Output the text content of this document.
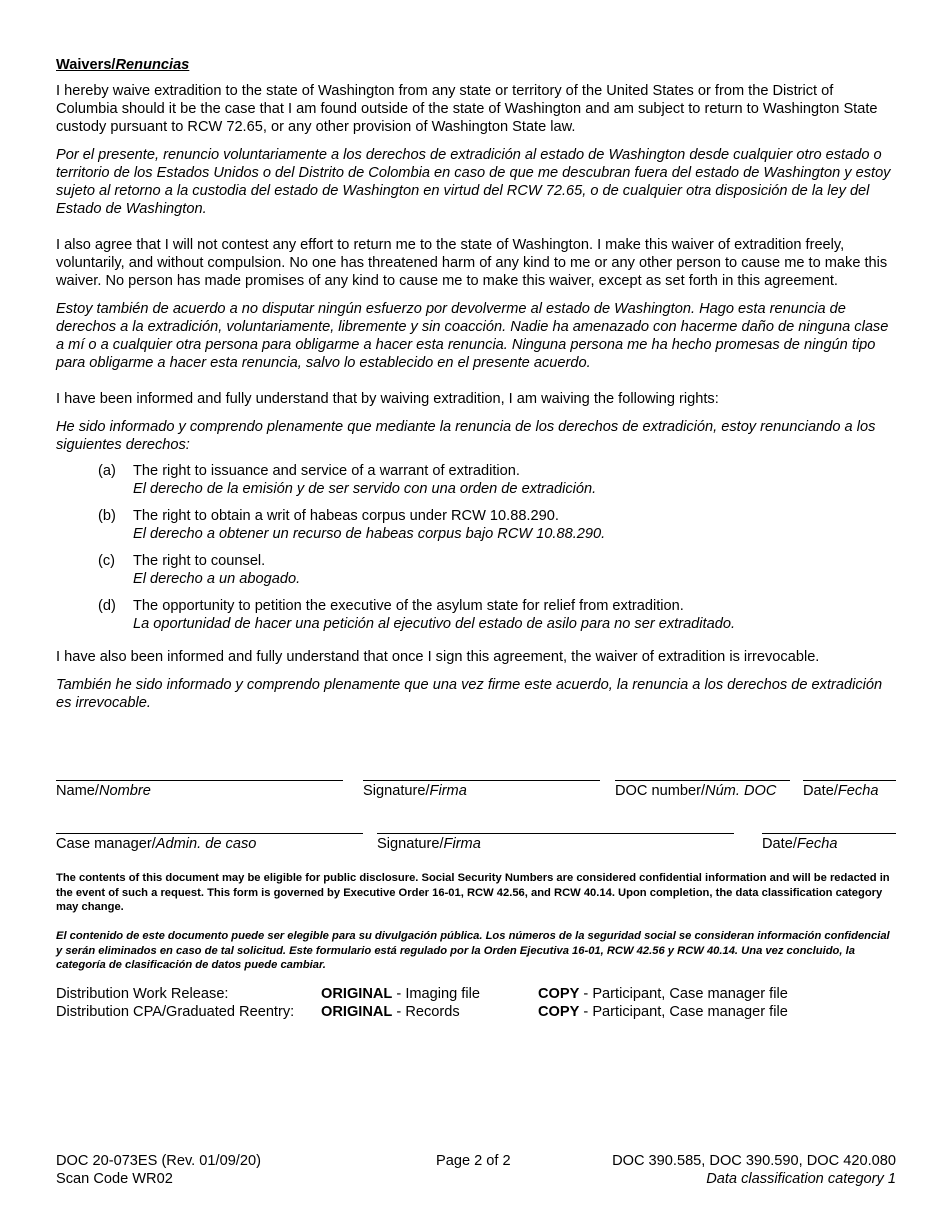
Waivers/Renuncias

I hereby waive extradition to the state of Washington from any state or territory of the United States or from the District of Columbia should it be the case that I am found outside of the state of Washington and am subject to return to Washington State custody pursuant to RCW 72.65, or any other provision of Washington State law.

Por el presente, renuncio voluntariamente a los derechos de extradición al estado de Washington desde cualquier otro estado o territorio de los Estados Unidos o del Distrito de Colombia en caso de que me descubran fuera del estado de Washington y estoy sujeto al retorno a la custodia del estado de Washington en virtud del RCW 72.65, o de cualquier otra disposición de la ley del Estado de Washington.

I also agree that I will not contest any effort to return me to the state of Washington. I make this waiver of extradition freely, voluntarily, and without compulsion. No one has threatened harm of any kind to me or any other person to cause me to make this waiver. No person has made promises of any kind to cause me to make this waiver, except as set forth in this agreement.

Estoy también de acuerdo a no disputar ningún esfuerzo por devolverme al estado de Washington. Hago esta renuncia de derechos a la extradición, voluntariamente, libremente y sin coacción. Nadie ha amenazado con hacerme daño de ninguna clase a mí o a cualquier otra persona para obligarme a hacer esta renuncia. Ninguna persona me ha hecho promesas de ningún tipo para obligarme a hacer esta renuncia, salvo lo establecido en el presente acuerdo.

I have been informed and fully understand that by waiving extradition, I am waiving the following rights:

He sido informado y comprendo plenamente que mediante la renuncia de los derechos de extradición, estoy renunciando a los siguientes derechos:

(a)	The right to issuance and service of a warrant of extradition.
El derecho de la emisión y de ser servido con una orden de extradición.
(b)	The right to obtain a writ of habeas corpus under RCW 10.88.290.
El derecho a obtener un recurso de habeas corpus bajo RCW 10.88.290.
(c)	The right to counsel.
El derecho a un abogado.
(d)	The opportunity to petition the executive of the asylum state for relief from extradition.
La oportunidad de hacer una petición al ejecutivo del estado de asilo para no ser extraditado.

I have also been informed and fully understand that once I sign this agreement, the waiver of extradition is irrevocable.

También he sido informado y comprendo plenamente que una vez firme este acuerdo, la renuncia a los derechos de extradición es irrevocable.

Name/Nombre	Signature/Firma	DOC number/Núm. DOC	Date/Fecha
Case manager/Admin. de caso	Signature/Firma	Date/Fecha
The contents of this document may be eligible for public disclosure. Social Security Numbers are considered confidential information and will be redacted in the event of such a request. This form is governed by Executive Order 16-01, RCW 42.56, and RCW 40.14. Upon completion, the data classification category may change.
El contenido de este documento puede ser elegible para su divulgación pública. Los números de la seguridad social se consideran información confidencial y serán eliminados en caso de tal solicitud. Este formulario está regulado por la Orden Ejecutiva 16-01, RCW 42.56 y RCW 40.14. Una vez concluido, la categoría de clasificación de datos puede cambiar.
Distribution Work Release:	ORIGINAL - Imaging file	COPY - Participant, Case manager file
Distribution CPA/Graduated Reentry:	ORIGINAL - Records	COPY - Participant, Case manager file
DOC 20-073ES (Rev. 01/09/20)
Scan Code WR02
Page 2 of 2	DOC 390.585, DOC 390.590, DOC 420.080
Data classification category 1
